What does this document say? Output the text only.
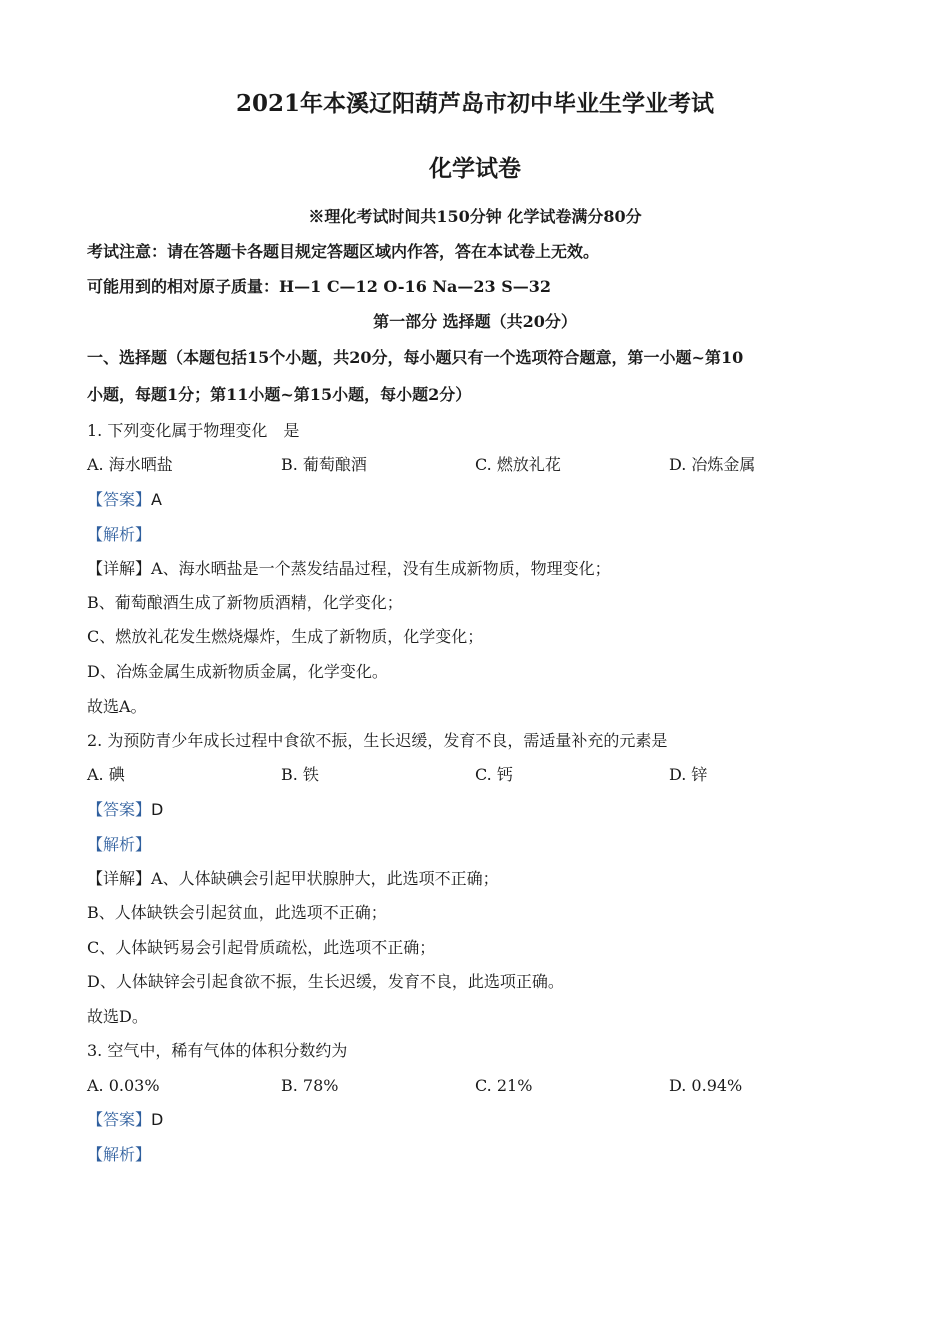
2021年本溪辽阳葫芦岛市初中毕业生学业考试
化学试卷
※理化考试时间共150分钟 化学试卷满分80分
考试注意：请在答题卡各题目规定答题区域内作答，答在本试卷上无效。
可能用到的相对原子质量：H—1 C—12 O-16 Na—23 S—32
第一部分 选择题（共20分）
一、选择题（本题包括15个小题，共20分，每小题只有一个选项符合题意，第一小题~第10
小题，每题1分；第11小题~第15小题，每小题2分）
1. 下列变化属于物理变化　是
A. 海水晒盐	B. 葡萄酿酒	C. 燃放礼花	D. 冶炼金属
【答案】A
【解析】
【详解】A、海水晒盐是一个蒸发结晶过程，没有生成新物质，物理变化；
B、葡萄酿酒生成了新物质酒精，化学变化；
C、燃放礼花发生燃烧爆炸，生成了新物质，化学变化；
D、冶炼金属生成新物质金属，化学变化。
故选A。
2. 为预防青少年成长过程中食欲不振，生长迟缓，发育不良，需适量补充的元素是
A. 碘	B. 铁	C. 钙	D. 锌
【答案】D
【解析】
【详解】A、人体缺碘会引起甲状腺肿大，此选项不正确；
B、人体缺铁会引起贫血，此选项不正确；
C、人体缺钙易会引起骨质疏松，此选项不正确；
D、人体缺锌会引起食欲不振，生长迟缓，发育不良，此选项正确。
故选D。
3. 空气中，稀有气体的体积分数约为
A. 0.03%	B. 78%	C. 21%	D. 0.94%
【答案】D
【解析】
